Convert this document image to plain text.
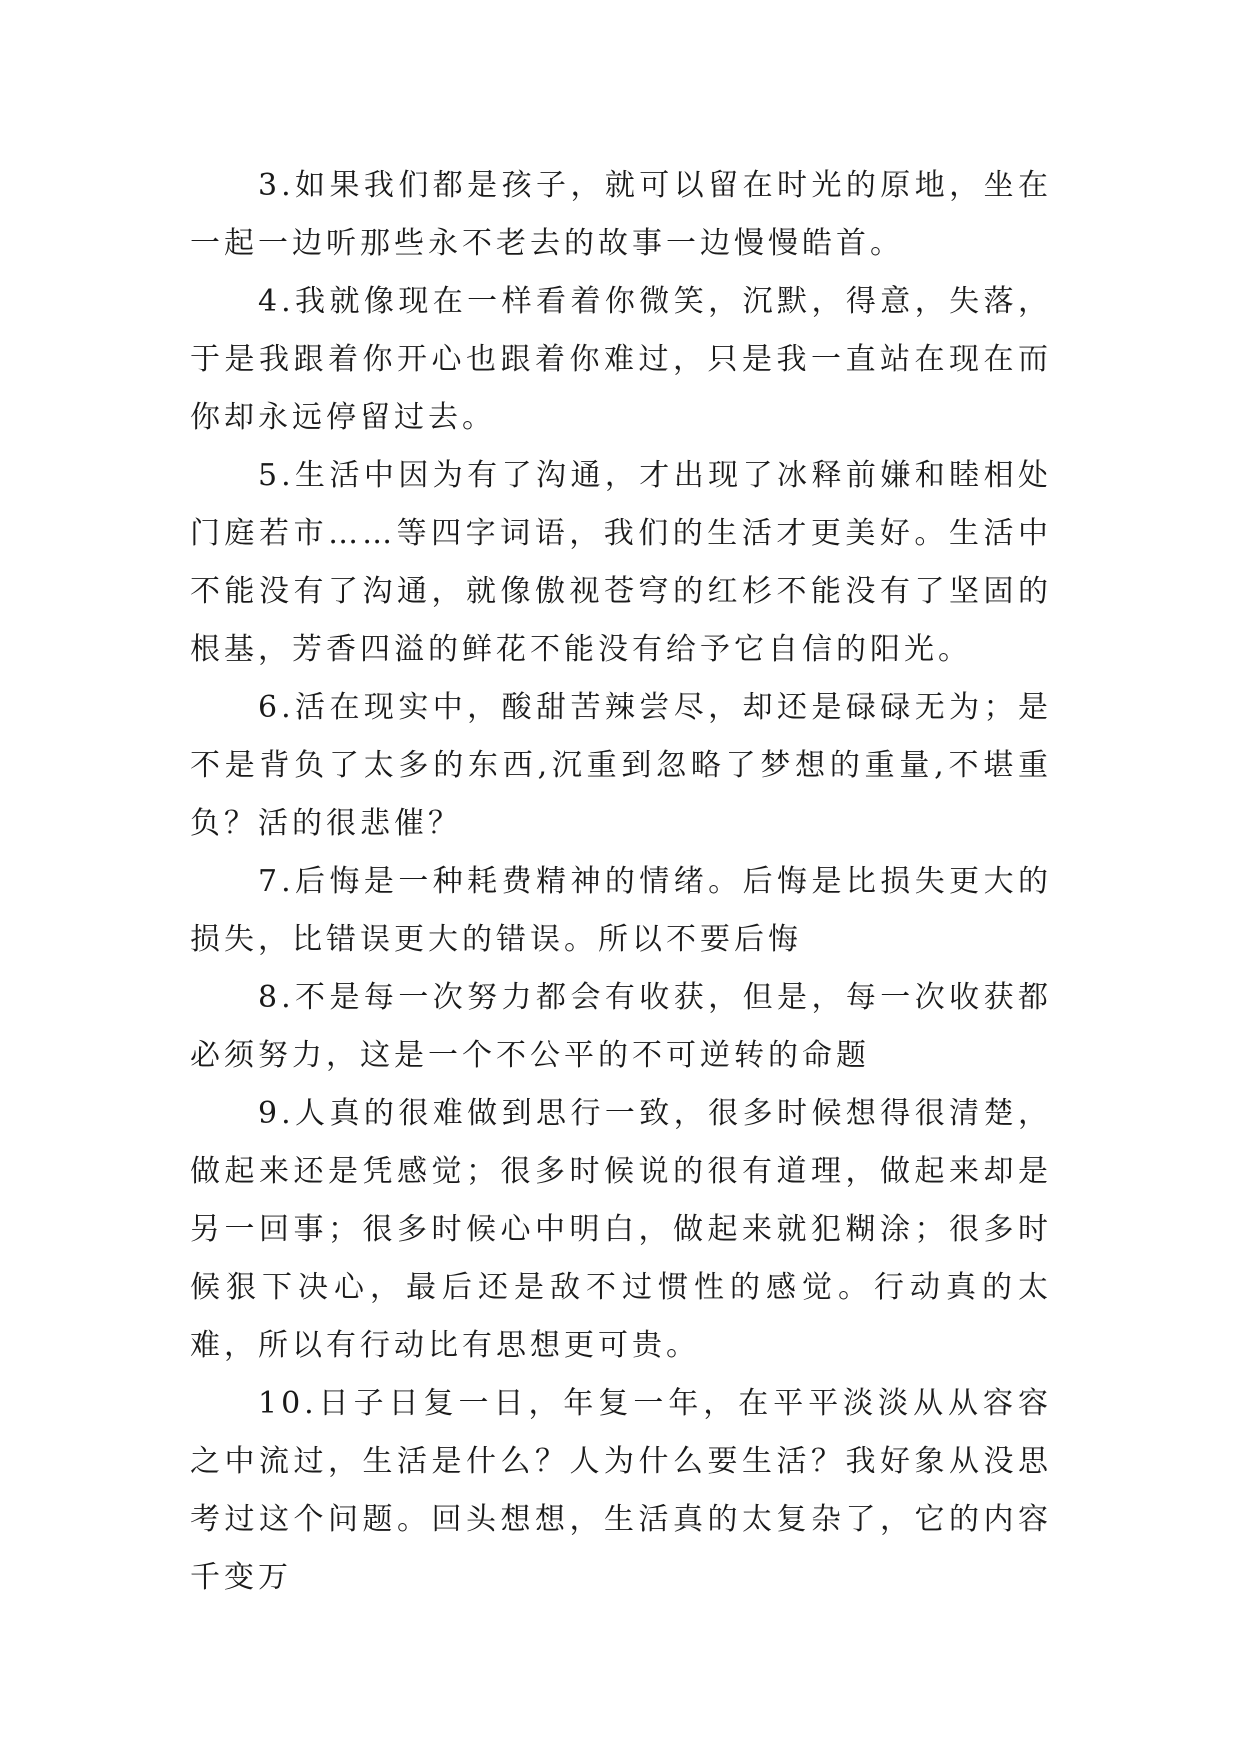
3.如果我们都是孩子，就可以留在时光的原地，坐在一起一边听那些永不老去的故事一边慢慢皓首。

4.我就像现在一样看着你微笑，沉默，得意，失落，于是我跟着你开心也跟着你难过，只是我一直站在现在而你却永远停留过去。

5.生活中因为有了沟通，才出现了冰释前嫌和睦相处门庭若市……等四字词语，我们的生活才更美好。生活中不能没有了沟通，就像傲视苍穹的红杉不能没有了坚固的根基，芳香四溢的鲜花不能没有给予它自信的阳光。

6.活在现实中，酸甜苦辣尝尽，却还是碌碌无为；是不是背负了太多的东西,沉重到忽略了梦想的重量,不堪重负？活的很悲催？

7.后悔是一种耗费精神的情绪。后悔是比损失更大的损失，比错误更大的错误。所以不要后悔

8.不是每一次努力都会有收获，但是，每一次收获都必须努力，这是一个不公平的不可逆转的命题

9.人真的很难做到思行一致，很多时候想得很清楚，做起来还是凭感觉；很多时候说的很有道理，做起来却是另一回事；很多时候心中明白，做起来就犯糊涂；很多时候狠下决心，最后还是敌不过惯性的感觉。行动真的太难，所以有行动比有思想更可贵。

10.日子日复一日，年复一年，在平平淡淡从从容容之中流过，生活是什么？人为什么要生活？我好象从没思考过这个问题。回头想想，生活真的太复杂了，它的内容千变万
